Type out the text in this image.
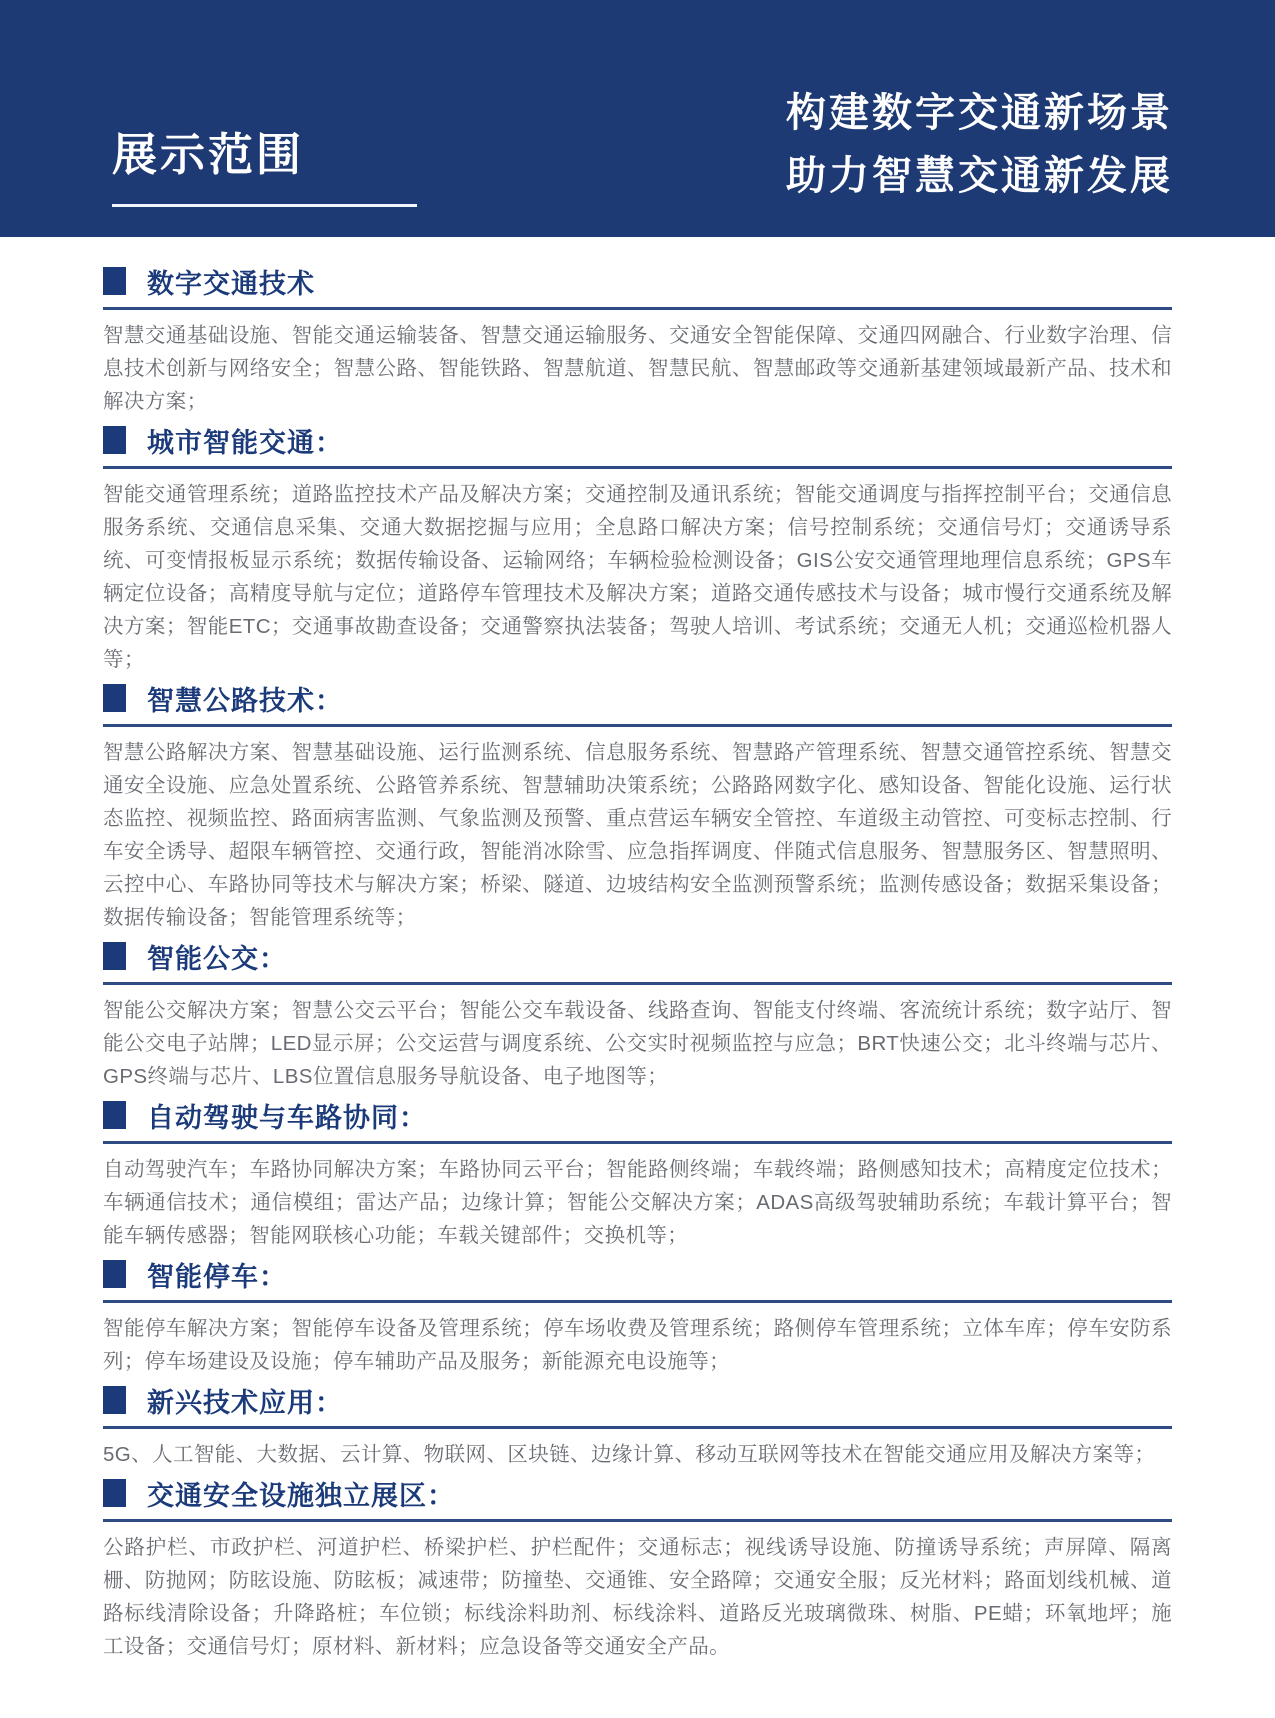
展示范围
构建数字交通新场景
助力智慧交通新发展
数字交通技术

智慧交通基础设施、智能交通运输装备、智慧交通运输服务、交通安全智能保障、交通四网融合、行业数字治理、信息技术创新与网络安全；智慧公路、智能铁路、智慧航道、智慧民航、智慧邮政等交通新基建领域最新产品、技术和解决方案；

城市智能交通：

智能交通管理系统；道路监控技术产品及解决方案；交通控制及通讯系统；智能交通调度与指挥控制平台；交通信息服务系统、交通信息采集、交通大数据挖掘与应用；全息路口解决方案；信号控制系统；交通信号灯；交通诱导系统、可变情报板显示系统；数据传输设备、运输网络；车辆检验检测设备；GIS公安交通管理地理信息系统；GPS车辆定位设备；高精度导航与定位；道路停车管理技术及解决方案；道路交通传感技术与设备；城市慢行交通系统及解决方案；智能ETC；交通事故勘查设备；交通警察执法装备；驾驶人培训、考试系统；交通无人机；交通巡检机器人等；

智慧公路技术：

智慧公路解决方案、智慧基础设施、运行监测系统、信息服务系统、智慧路产管理系统、智慧交通管控系统、智慧交通安全设施、应急处置系统、公路管养系统、智慧辅助决策系统；公路路网数字化、感知设备、智能化设施、运行状态监控、视频监控、路面病害监测、气象监测及预警、重点营运车辆安全管控、车道级主动管控、可变标志控制、行车安全诱导、超限车辆管控、交通行政，智能消冰除雪、应急指挥调度、伴随式信息服务、智慧服务区、智慧照明、云控中心、车路协同等技术与解决方案；桥梁、隧道、边坡结构安全监测预警系统；监测传感设备；数据采集设备；数据传输设备；智能管理系统等；

智能公交：

智能公交解决方案；智慧公交云平台；智能公交车载设备、线路查询、智能支付终端、客流统计系统；数字站厅、智能公交电子站牌；LED显示屏；公交运营与调度系统、公交实时视频监控与应急；BRT快速公交；北斗终端与芯片、GPS终端与芯片、LBS位置信息服务导航设备、电子地图等；

自动驾驶与车路协同：

自动驾驶汽车；车路协同解决方案；车路协同云平台；智能路侧终端；车载终端；路侧感知技术；高精度定位技术；车辆通信技术；通信模组；雷达产品；边缘计算；智能公交解决方案；ADAS高级驾驶辅助系统；车载计算平台；智能车辆传感器；智能网联核心功能；车载关键部件；交换机等；

智能停车：

智能停车解决方案；智能停车设备及管理系统；停车场收费及管理系统；路侧停车管理系统；立体车库；停车安防系列；停车场建设及设施；停车辅助产品及服务；新能源充电设施等；

新兴技术应用：

5G、人工智能、大数据、云计算、物联网、区块链、边缘计算、移动互联网等技术在智能交通应用及解决方案等；

交通安全设施独立展区：

公路护栏、市政护栏、河道护栏、桥梁护栏、护栏配件；交通标志；视线诱导设施、防撞诱导系统；声屏障、隔离栅、防抛网；防眩设施、防眩板；减速带；防撞垫、交通锥、安全路障；交通安全服；反光材料；路面划线机械、道路标线清除设备；升降路桩；车位锁；标线涂料助剂、标线涂料、道路反光玻璃微珠、树脂、PE蜡；环氧地坪；施工设备；交通信号灯；原材料、新材料；应急设备等交通安全产品。
